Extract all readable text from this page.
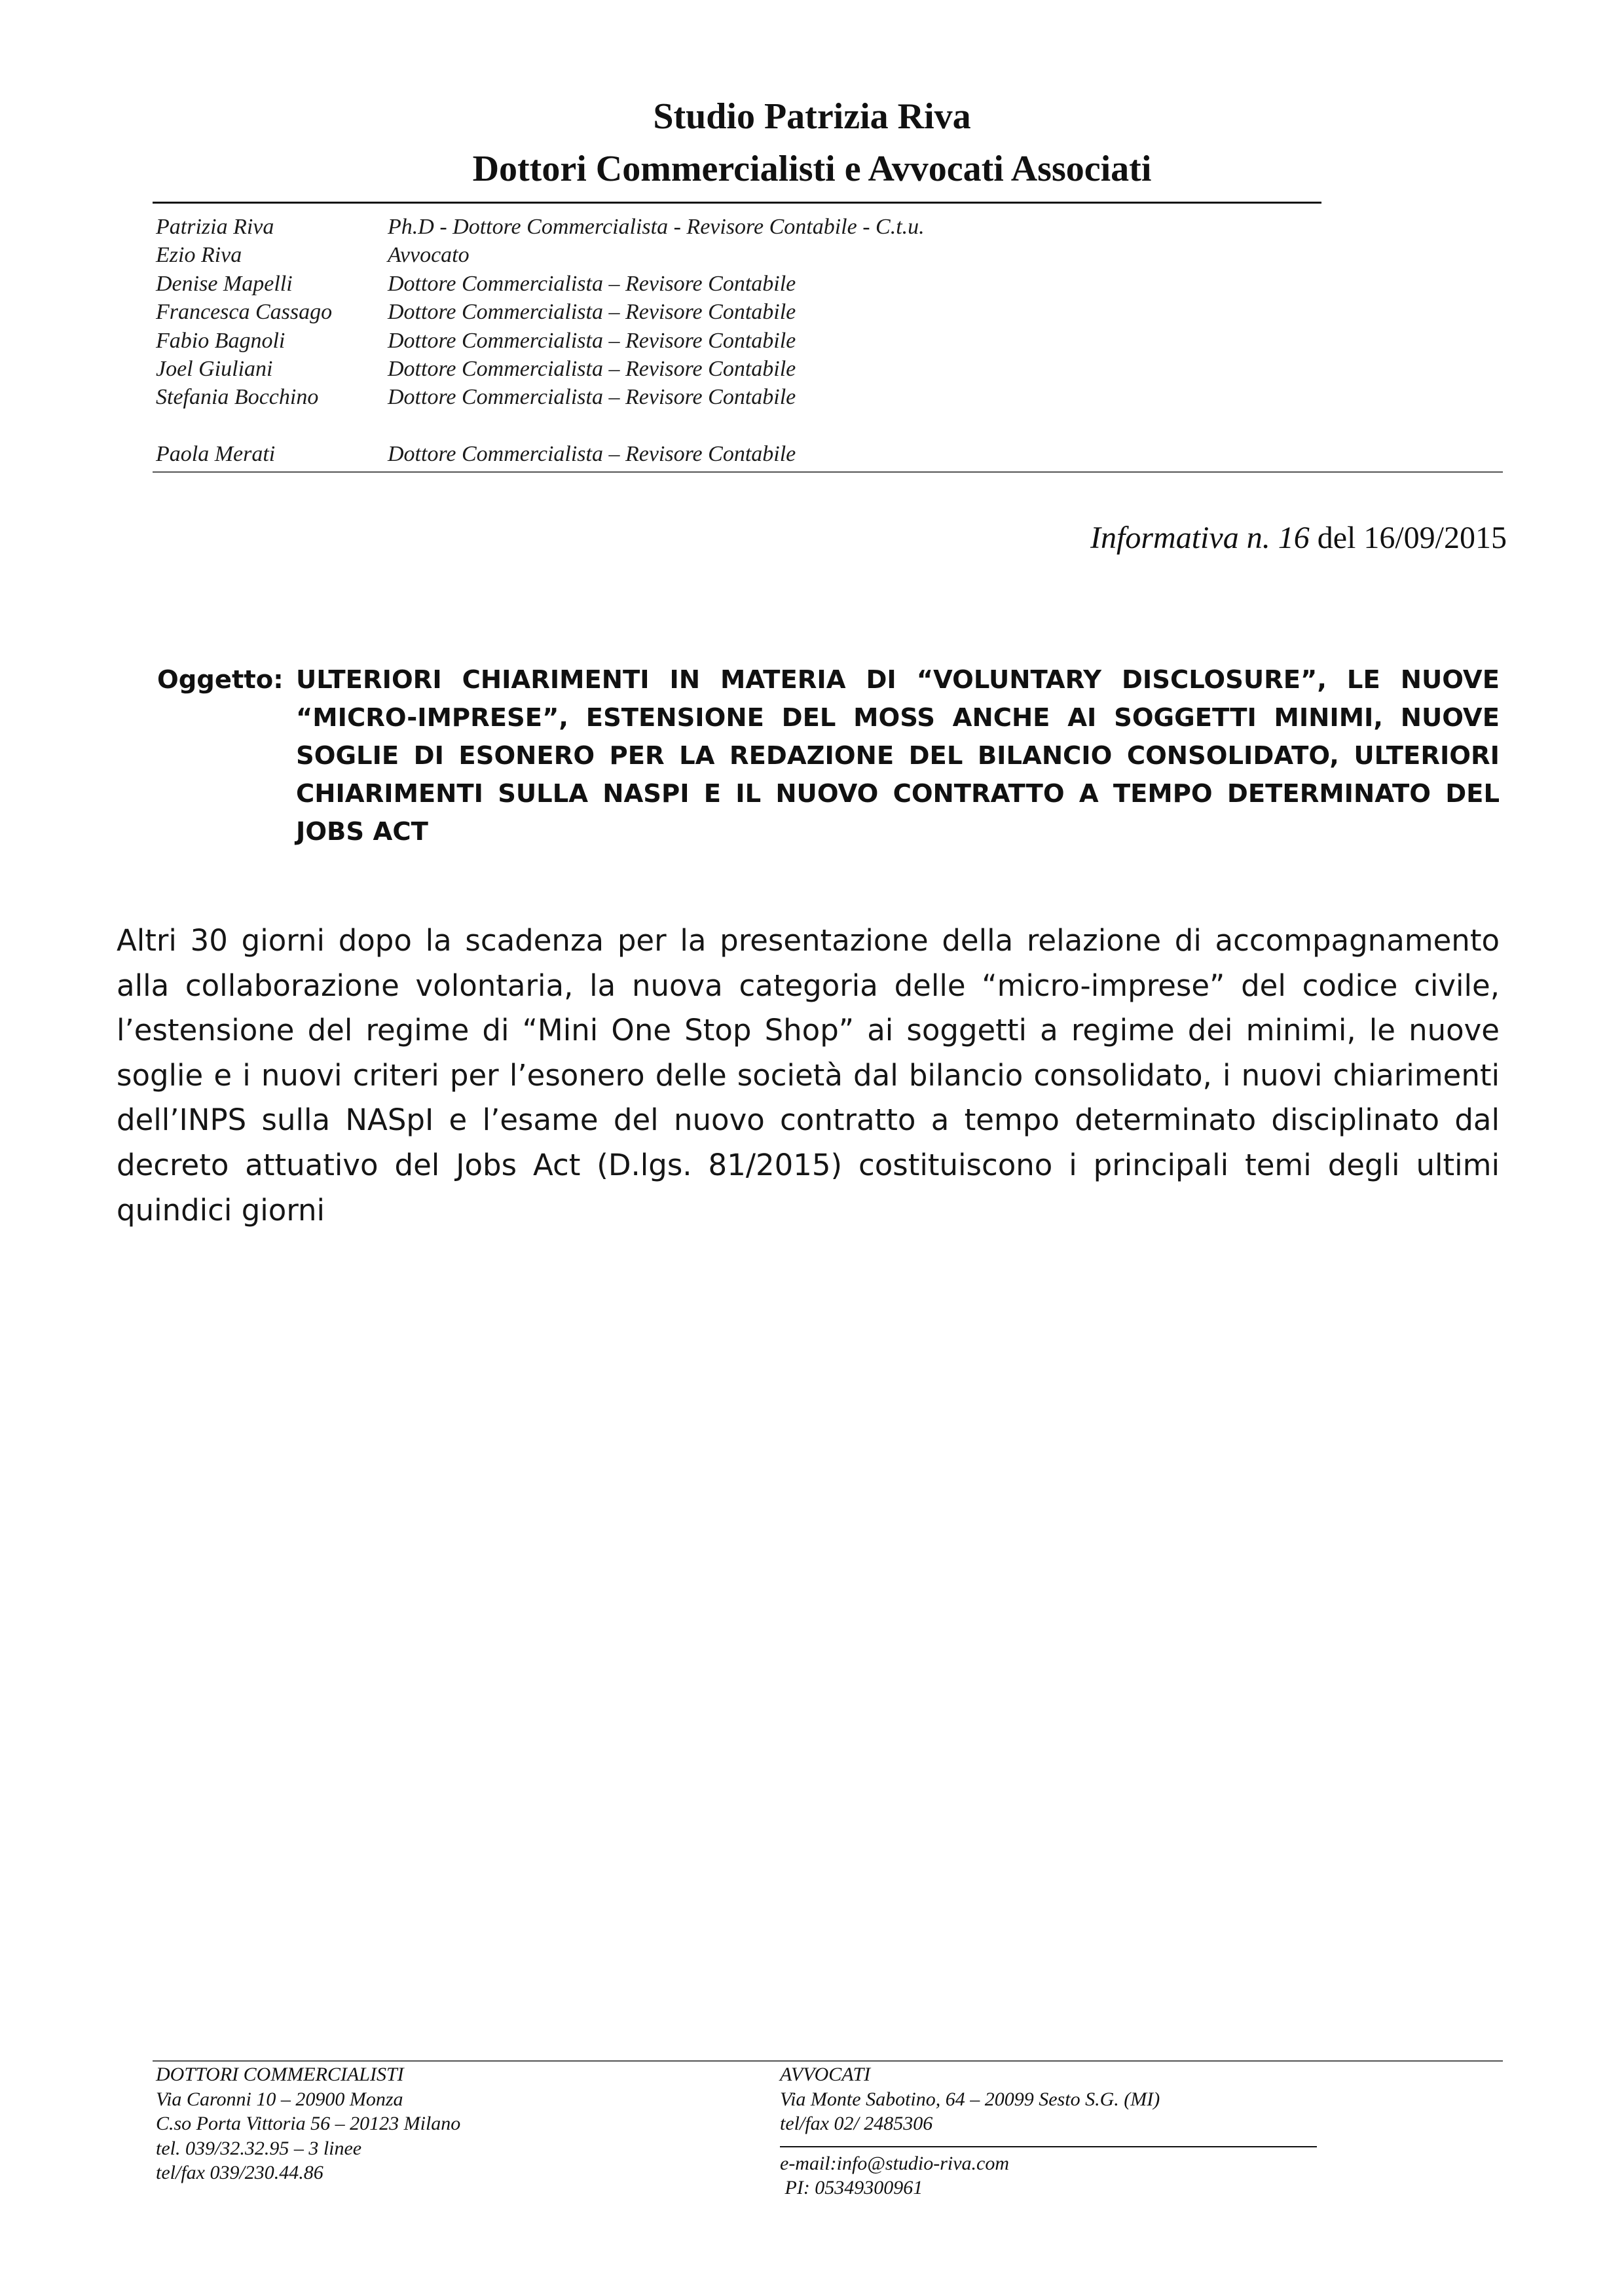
Studio Patrizia Riva
Dottori Commercialisti e Avvocati Associati
Patrizia Riva	Ph.D - Dottore Commercialista - Revisore Contabile - C.t.u.
Ezio Riva	Avvocato
Denise Mapelli	Dottore Commercialista – Revisore Contabile
Francesca Cassago	Dottore Commercialista – Revisore Contabile
Fabio Bagnoli	Dottore Commercialista – Revisore Contabile
Joel Giuliani	Dottore Commercialista – Revisore Contabile
Stefania Bocchino	Dottore Commercialista – Revisore Contabile
Paola Merati	Dottore Commercialista – Revisore Contabile
Informativa n. 16 del 16/09/2015
Oggetto: ULTERIORI CHIARIMENTI IN MATERIA DI “VOLUNTARY DISCLOSURE”, LE NUOVE “MICRO-IMPRESE”, ESTENSIONE DEL MOSS ANCHE AI SOGGETTI MINIMI, NUOVE SOGLIE DI ESONERO PER LA REDAZIONE DEL BILANCIO CONSOLIDATO, ULTERIORI CHIARIMENTI SULLA NASPI E IL NUOVO CONTRATTO A TEMPO DETERMINATO DEL JOBS ACT
Altri 30 giorni dopo la scadenza per la presentazione della relazione di accompagnamento alla collaborazione volontaria, la nuova categoria delle “micro-imprese” del codice civile, l’estensione del regime di “Mini One Stop Shop” ai soggetti a regime dei minimi, le nuove soglie e i nuovi criteri per l’esonero delle società dal bilancio consolidato, i nuovi chiarimenti dell’INPS sulla NASpI e l’esame del nuovo contratto a tempo determinato disciplinato dal decreto attuativo del Jobs Act (D.lgs. 81/2015) costituiscono i principali temi degli ultimi quindici giorni
DOTTORI COMMERCIALISTI
Via Caronni 10 – 20900 Monza
C.so Porta Vittoria 56 – 20123 Milano
tel. 039/32.32.95 – 3 linee
tel/fax 039/230.44.86
AVVOCATI
Via Monte Sabotino, 64 – 20099 Sesto S.G. (MI)
tel/fax 02/ 2485306
e-mail:info@studio-riva.com
PI: 05349300961
